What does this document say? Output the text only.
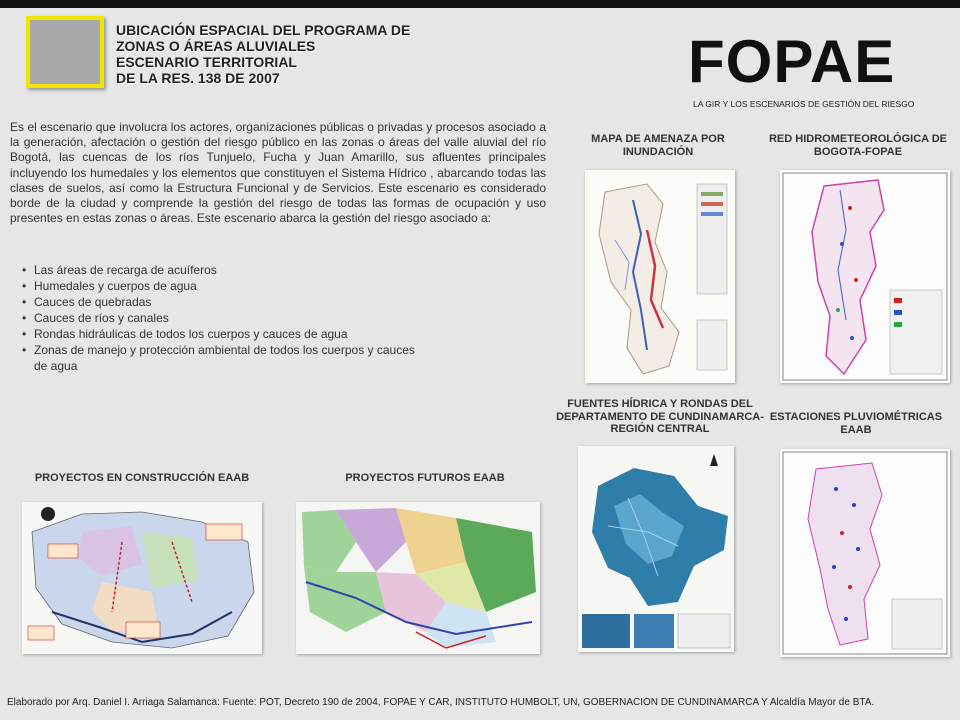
UBICACIÓN ESPACIAL DEL PROGRAMA DE
ZONAS O ÁREAS ALUVIALES
ESCENARIO TERRITORIAL
DE LA RES. 138 DE 2007	FOPAE
LA GIR Y LOS ESCENARIOS DE GESTIÓN DEL RIESGO
Es el escenario que involucra los actores, organizaciones públicas o privadas y procesos asociado a la generación, afectación o gestión del riesgo público en las zonas o áreas del valle aluvial del río Bogotá, las cuencas de los ríos Tunjuelo, Fucha y Juan Amarillo, sus afluentes principales incluyendo los humedales y los elementos que constituyen el Sistema Hídrico , abarcando todas las clases de suelos, así como la Estructura Funcional y de Servicios. Este escenario es considerado borde de la ciudad y comprende la gestión del riesgo de todas las formas de ocupación y uso presentes en estas zonas o áreas. Este escenario abarca la gestión del riesgo asociado a:
• Las áreas de recarga de acuíferos
• Humedales y cuerpos de agua
• Cauces de quebradas
• Cauces de ríos y canales
• Rondas hidráulicas de todos los cuerpos y cauces de agua
• Zonas de manejo y protección ambiental de todos los cuerpos y cauces de agua
MAPA DE AMENAZA POR INUNDACIÓN
RED HIDROMETEOROLÓGICA DE BOGOTA-FOPAE
FUENTES HÍDRICA Y RONDAS DEL DEPARTAMENTO DE CUNDINAMARCA-REGIÓN CENTRAL
ESTACIONES PLUVIOMÉTRICAS EAAB
PROYECTOS EN CONSTRUCCIÓN EAAB	PROYECTOS FUTUROS EAAB
Elaborado por Arq. Daniel I. Arriaga Salamanca: Fuente: POT, Decreto 190 de 2004, FOPAE Y CAR, INSTITUTO HUMBOLT, UN, GOBERNACIÓN DE CUNDINAMARCA Y Alcaldía Mayor de BTA.
